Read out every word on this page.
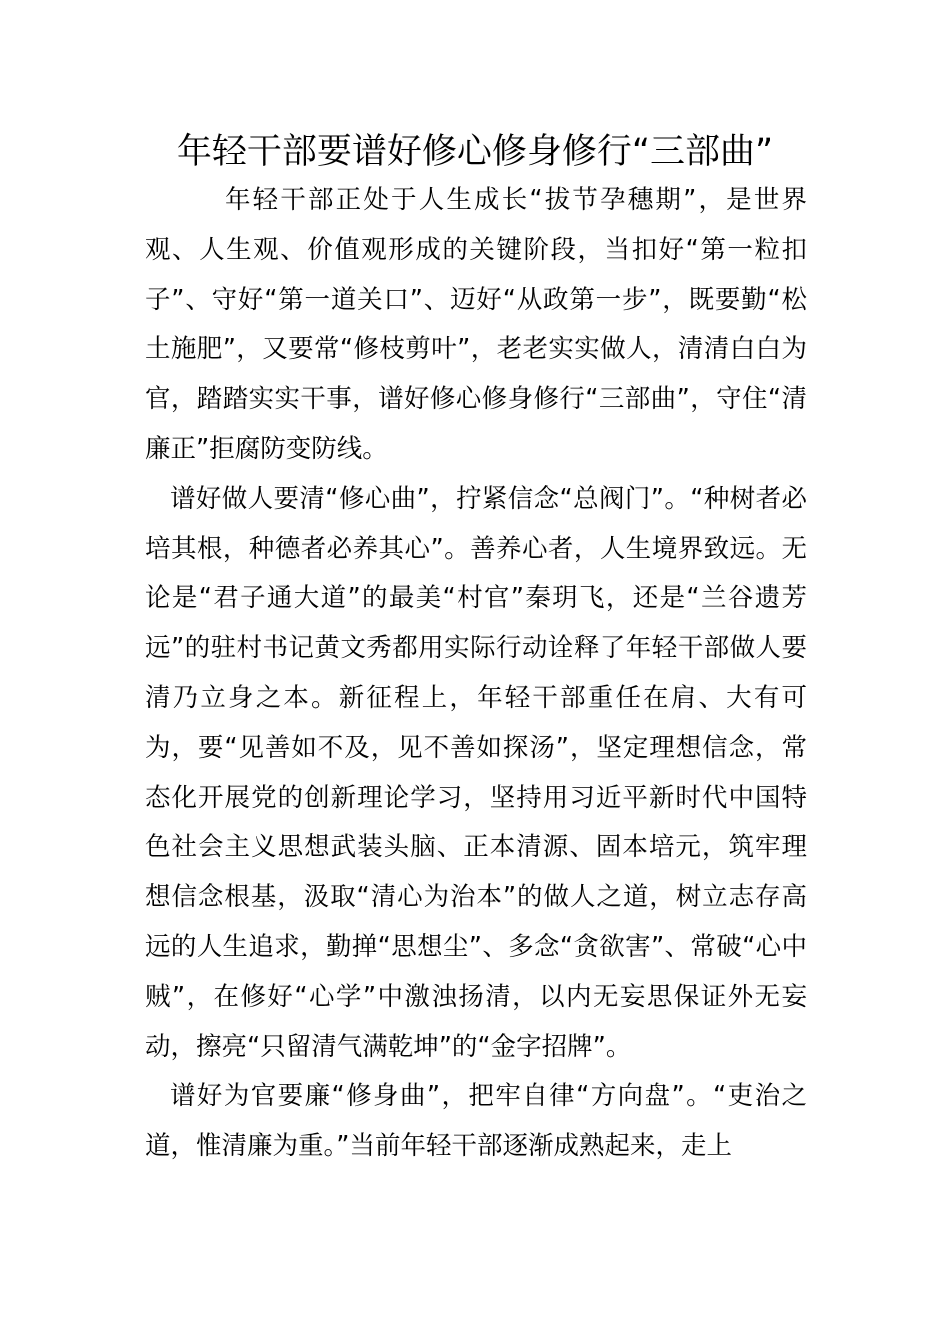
年轻干部要谱好修心修身修行“三部曲”

年轻干部正处于人生成长“拔节孕穗期”，是世界观、人生观、价值观形成的关键阶段，当扣好“第一粒扣子”、守好“第一道关口”、迈好“从政第一步”，既要勤“松土施肥”，又要常“修枝剪叶”，老老实实做人，清清白白为官，踏踏实实干事，谱好修心修身修行“三部曲”，守住“清廉正”拒腐防变防线。

谱好做人要清“修心曲”，拧紧信念“总阀门”。“种树者必培其根，种德者必养其心”。善养心者，人生境界致远。无论是“君子通大道”的最美“村官”秦玥飞，还是“兰谷遗芳远”的驻村书记黄文秀都用实际行动诠释了年轻干部做人要清乃立身之本。新征程上，年轻干部重任在肩、大有可为，要“见善如不及，见不善如探汤”，坚定理想信念，常态化开展党的创新理论学习，坚持用习近平新时代中国特色社会主义思想武装头脑、正本清源、固本培元，筑牢理想信念根基，汲取“清心为治本”的做人之道，树立志存高远的人生追求，勤掸“思想尘”、多念“贪欲害”、常破“心中贼”，在修好“心学”中激浊扬清，以内无妄思保证外无妄动，擦亮“只留清气满乾坤”的“金字招牌”。

谱好为官要廉“修身曲”，把牢自律“方向盘”。“吏治之道，惟清廉为重。”当前年轻干部逐渐成熟起来，走上
